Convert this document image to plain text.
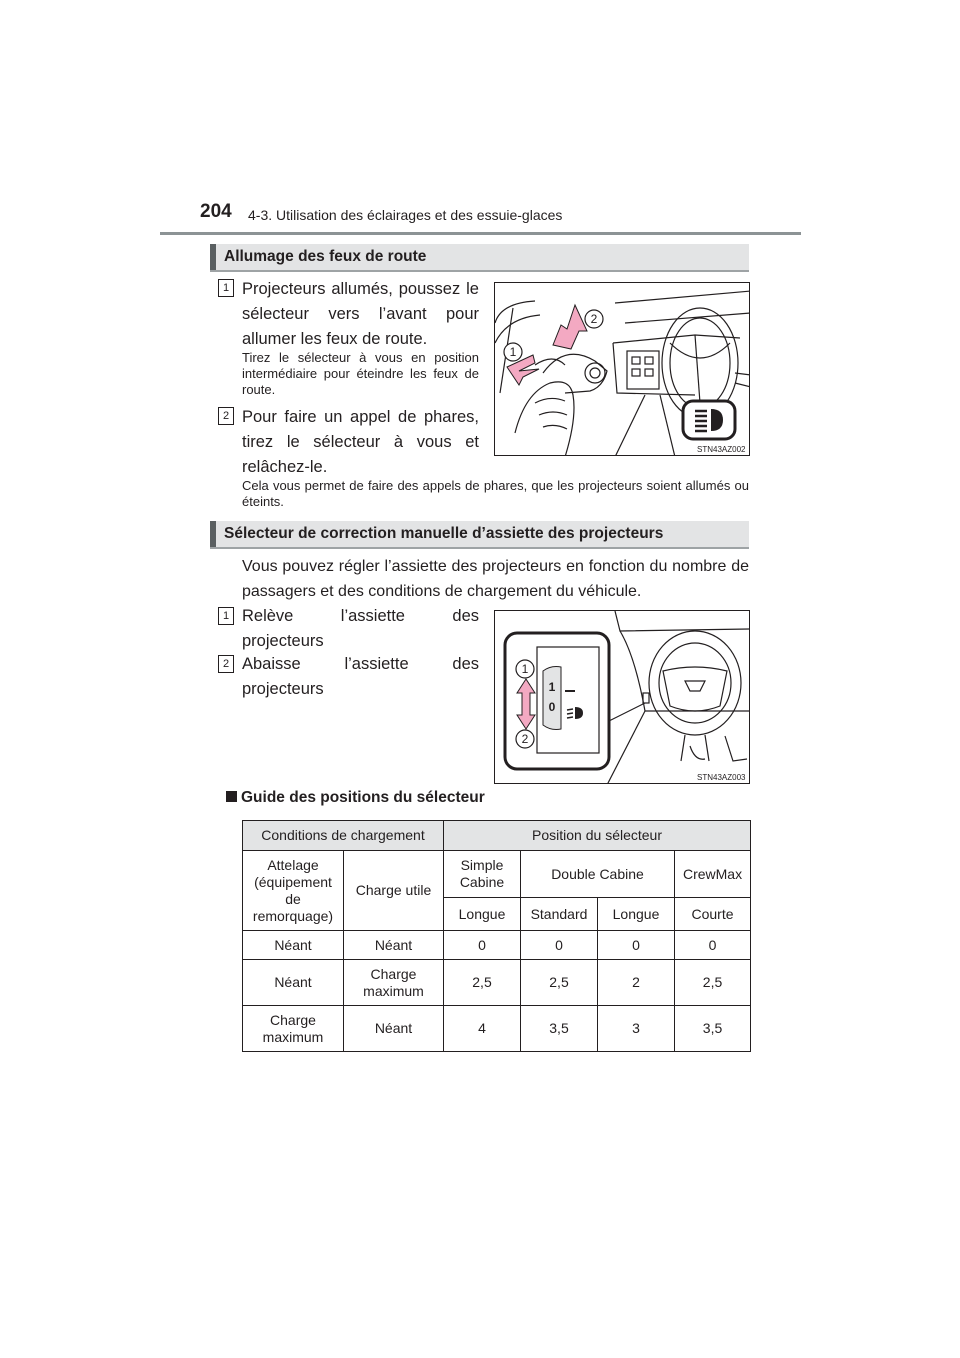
204 4-3. Utilisation des éclairages et des essuie-glaces
Allumage des feux de route
1 Projecteurs allumés, poussez le sélecteur vers l’avant pour allumer les feux de route.
Tirez le sélecteur à vous en position intermédiaire pour éteindre les feux de route.
2 Pour faire un appel de phares, tirez le sélecteur à vous et relâchez-le.
Cela vous permet de faire des appels de phares, que les projecteurs soient allumés ou éteints.
1
2
STN43AZ002
Sélecteur de correction manuelle d’assiette des projecteurs
Vous pouvez régler l’assiette des projecteurs en fonction du nombre de passagers et des conditions de chargement du véhicule.
1 Relève l’assiette des projecteurs
2 Abaisse l’assiette des projecteurs	1
0
1
2
STN43AZ003
Guide des positions du sélecteur
Conditions de chargement		Position du sélecteur			
Attelage (équipement de remorquage)	Charge utile	Simple Cabine	Double Cabine		CrewMax
		Longue	Standard	Longue	Courte
Néant	Néant	0	0	0	0
Néant	Charge maximum	2,5	2,5	2	2,5
Charge maximum	Néant	4	3,5	3	3,5
